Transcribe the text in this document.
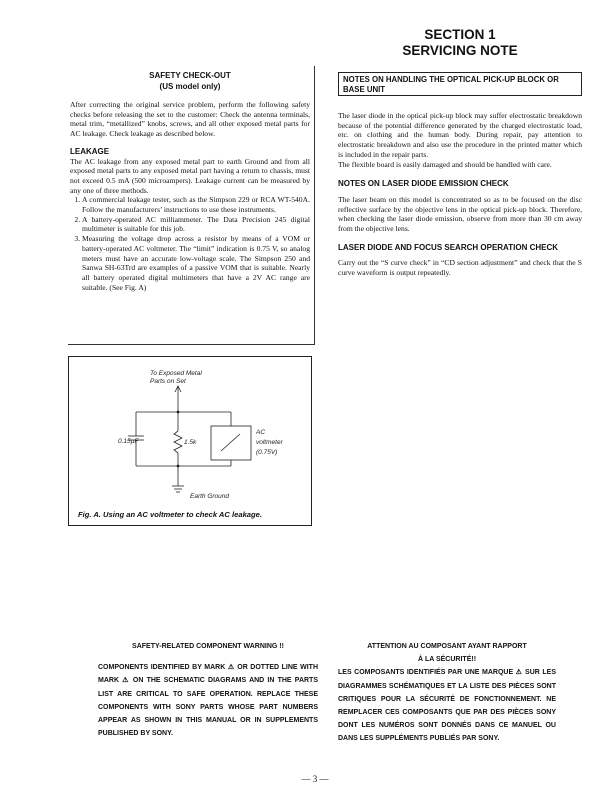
SECTION 1
SERVICING NOTE
SAFETY CHECK-OUT
(US model only)
After correcting the original service problem, perform the following safety checks before releasing the set to the customer: Check the antenna terminals, metal trim, “metallized” knobs, screws, and all other exposed metal parts for AC leakage. Check leakage as described below.
LEAKAGE
The AC leakage from any exposed metal part to earth Ground and from all exposed metal parts to any exposed metal part having a return to chassis, must not exceed 0.5 mA (500 microampers). Leakage current can be measured by any one of three methods.
1. A commercial leakage tester, such as the Simpson 229 or RCA WT-540A. Follow the manufacturers’ instructions to use these instruments.
2. A battery-operated AC milliammeter. The Data Precision 245 digital multimeter is suitable for this job.
3. Measuring the voltage drop across a resistor by means of a VOM or battery-operated AC voltmeter. The “limit” indication is 0.75 V, so analog meters must have an accurate low-voltage scale. The Simpson 250 and Sanwa SH-63Trd are examples of a passive VOM that is suitable. Nearly all battery operated digital multimeters that have a 2V AC range are suitable. (See Fig. A)
To Exposed Metal
Parts on Set
0.15µF	1.5k
AC
voltmeter
(0.75V)
Earth Ground
Fig. A. Using an AC voltmeter to check AC leakage.
NOTES ON HANDLING THE OPTICAL PICK-UP BLOCK OR BASE UNIT
The laser diode in the optical pick-up block may suffer electrostatic breakdown because of the potential difference generated by the charged electrostatic load, etc. on clothing and the human body. During repair, pay attention to electrostatic breakdown and also use the procedure in the printed matter which is included in the repair parts.
The flexible board is easily damaged and should be handled with care.
NOTES ON LASER DIODE EMISSION CHECK
The laser beam on this model is concentrated so as to be focused on the disc reflective surface by the objective lens in the optical pick-up block. Therefore, when checking the laser diode emission, observe from more than 30 cm away from the objective lens.
LASER DIODE AND FOCUS SEARCH OPERATION CHECK
Carry out the “S curve check” in “CD section adjustment” and check that the S curve waveform is output repeatedly.
SAFETY-RELATED COMPONENT WARNING !!
COMPONENTS IDENTIFIED BY MARK ⚠ OR DOTTED LINE WITH MARK ⚠ ON THE SCHEMATIC DIAGRAMS AND IN THE PARTS LIST ARE CRITICAL TO SAFE OPERATION. REPLACE THESE COMPONENTS WITH SONY PARTS WHOSE PART NUMBERS APPEAR AS SHOWN IN THIS MANUAL OR IN SUPPLEMENTS PUBLISHED BY SONY.
ATTENTION AU COMPOSANT AYANT RAPPORT
À LA SÉCURITÉ!!
LES COMPOSANTS IDENTIFIÉS PAR UNE MARQUE ⚠ SUR LES DIAGRAMMES SCHÉMATIQUES ET LA LISTE DES PIÈCES SONT CRITIQUES POUR LA SÉCURITÉ DE FONCTIONNEMENT. NE REMPLACER CES COMPOSANTS QUE PAR DES PIÈCES SONY DONT LES NUMÉROS SONT DONNÉS DANS CE MANUEL OU DANS LES SUPPLÉMENTS PUBLIÉS PAR SONY.
— 3 —
